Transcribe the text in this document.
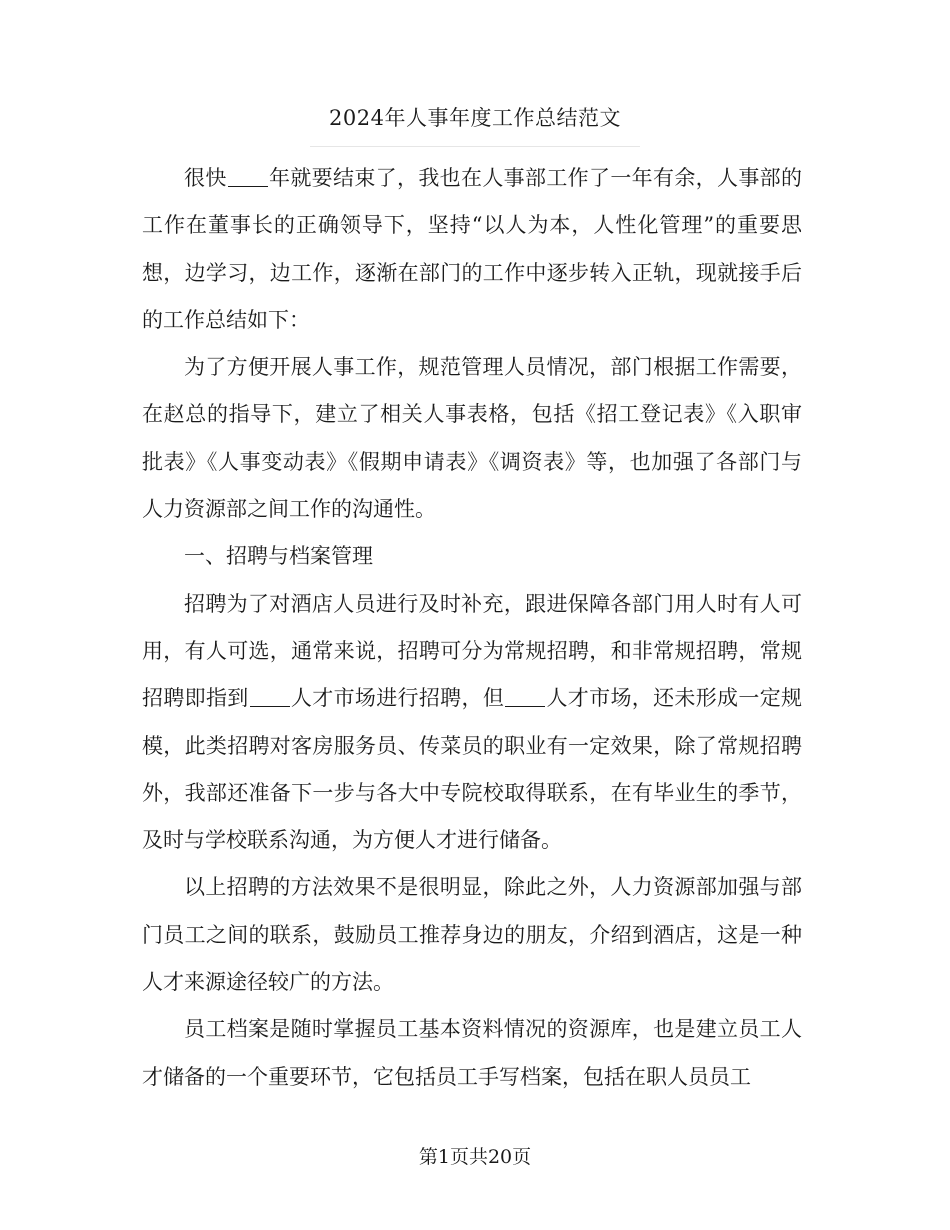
2024年人事年度工作总结范文

很快 年就要结束了，我也在人事部工作了一年有余，人事部的工作在董事长的正确领导下，坚持“以人为本，人性化管理”的重要思想，边学习，边工作，逐渐在部门的工作中逐步转入正轨，现就接手后的工作总结如下：

为了方便开展人事工作，规范管理人员情况，部门根据工作需要，在赵总的指导下，建立了相关人事表格，包括《招工登记表》《入职审批表》《人事变动表》《假期申请表》《调资表》等，也加强了各部门与人力资源部之间工作的沟通性。

一、招聘与档案管理

招聘为了对酒店人员进行及时补充，跟进保障各部门用人时有人可用，有人可选，通常来说，招聘可分为常规招聘，和非常规招聘，常规招聘即指到 人才市场进行招聘，但 人才市场，还未形成一定规模，此类招聘对客房服务员、传菜员的职业有一定效果，除了常规招聘外，我部还准备下一步与各大中专院校取得联系，在有毕业生的季节，及时与学校联系沟通，为方便人才进行储备。

以上招聘的方法效果不是很明显，除此之外，人力资源部加强与部门员工之间的联系，鼓励员工推荐身边的朋友，介绍到酒店，这是一种人才来源途径较广的方法。

员工档案是随时掌握员工基本资料情况的资源库，也是建立员工人才储备的一个重要环节，它包括员工手写档案，包括在职人员员工

第1页共20页
